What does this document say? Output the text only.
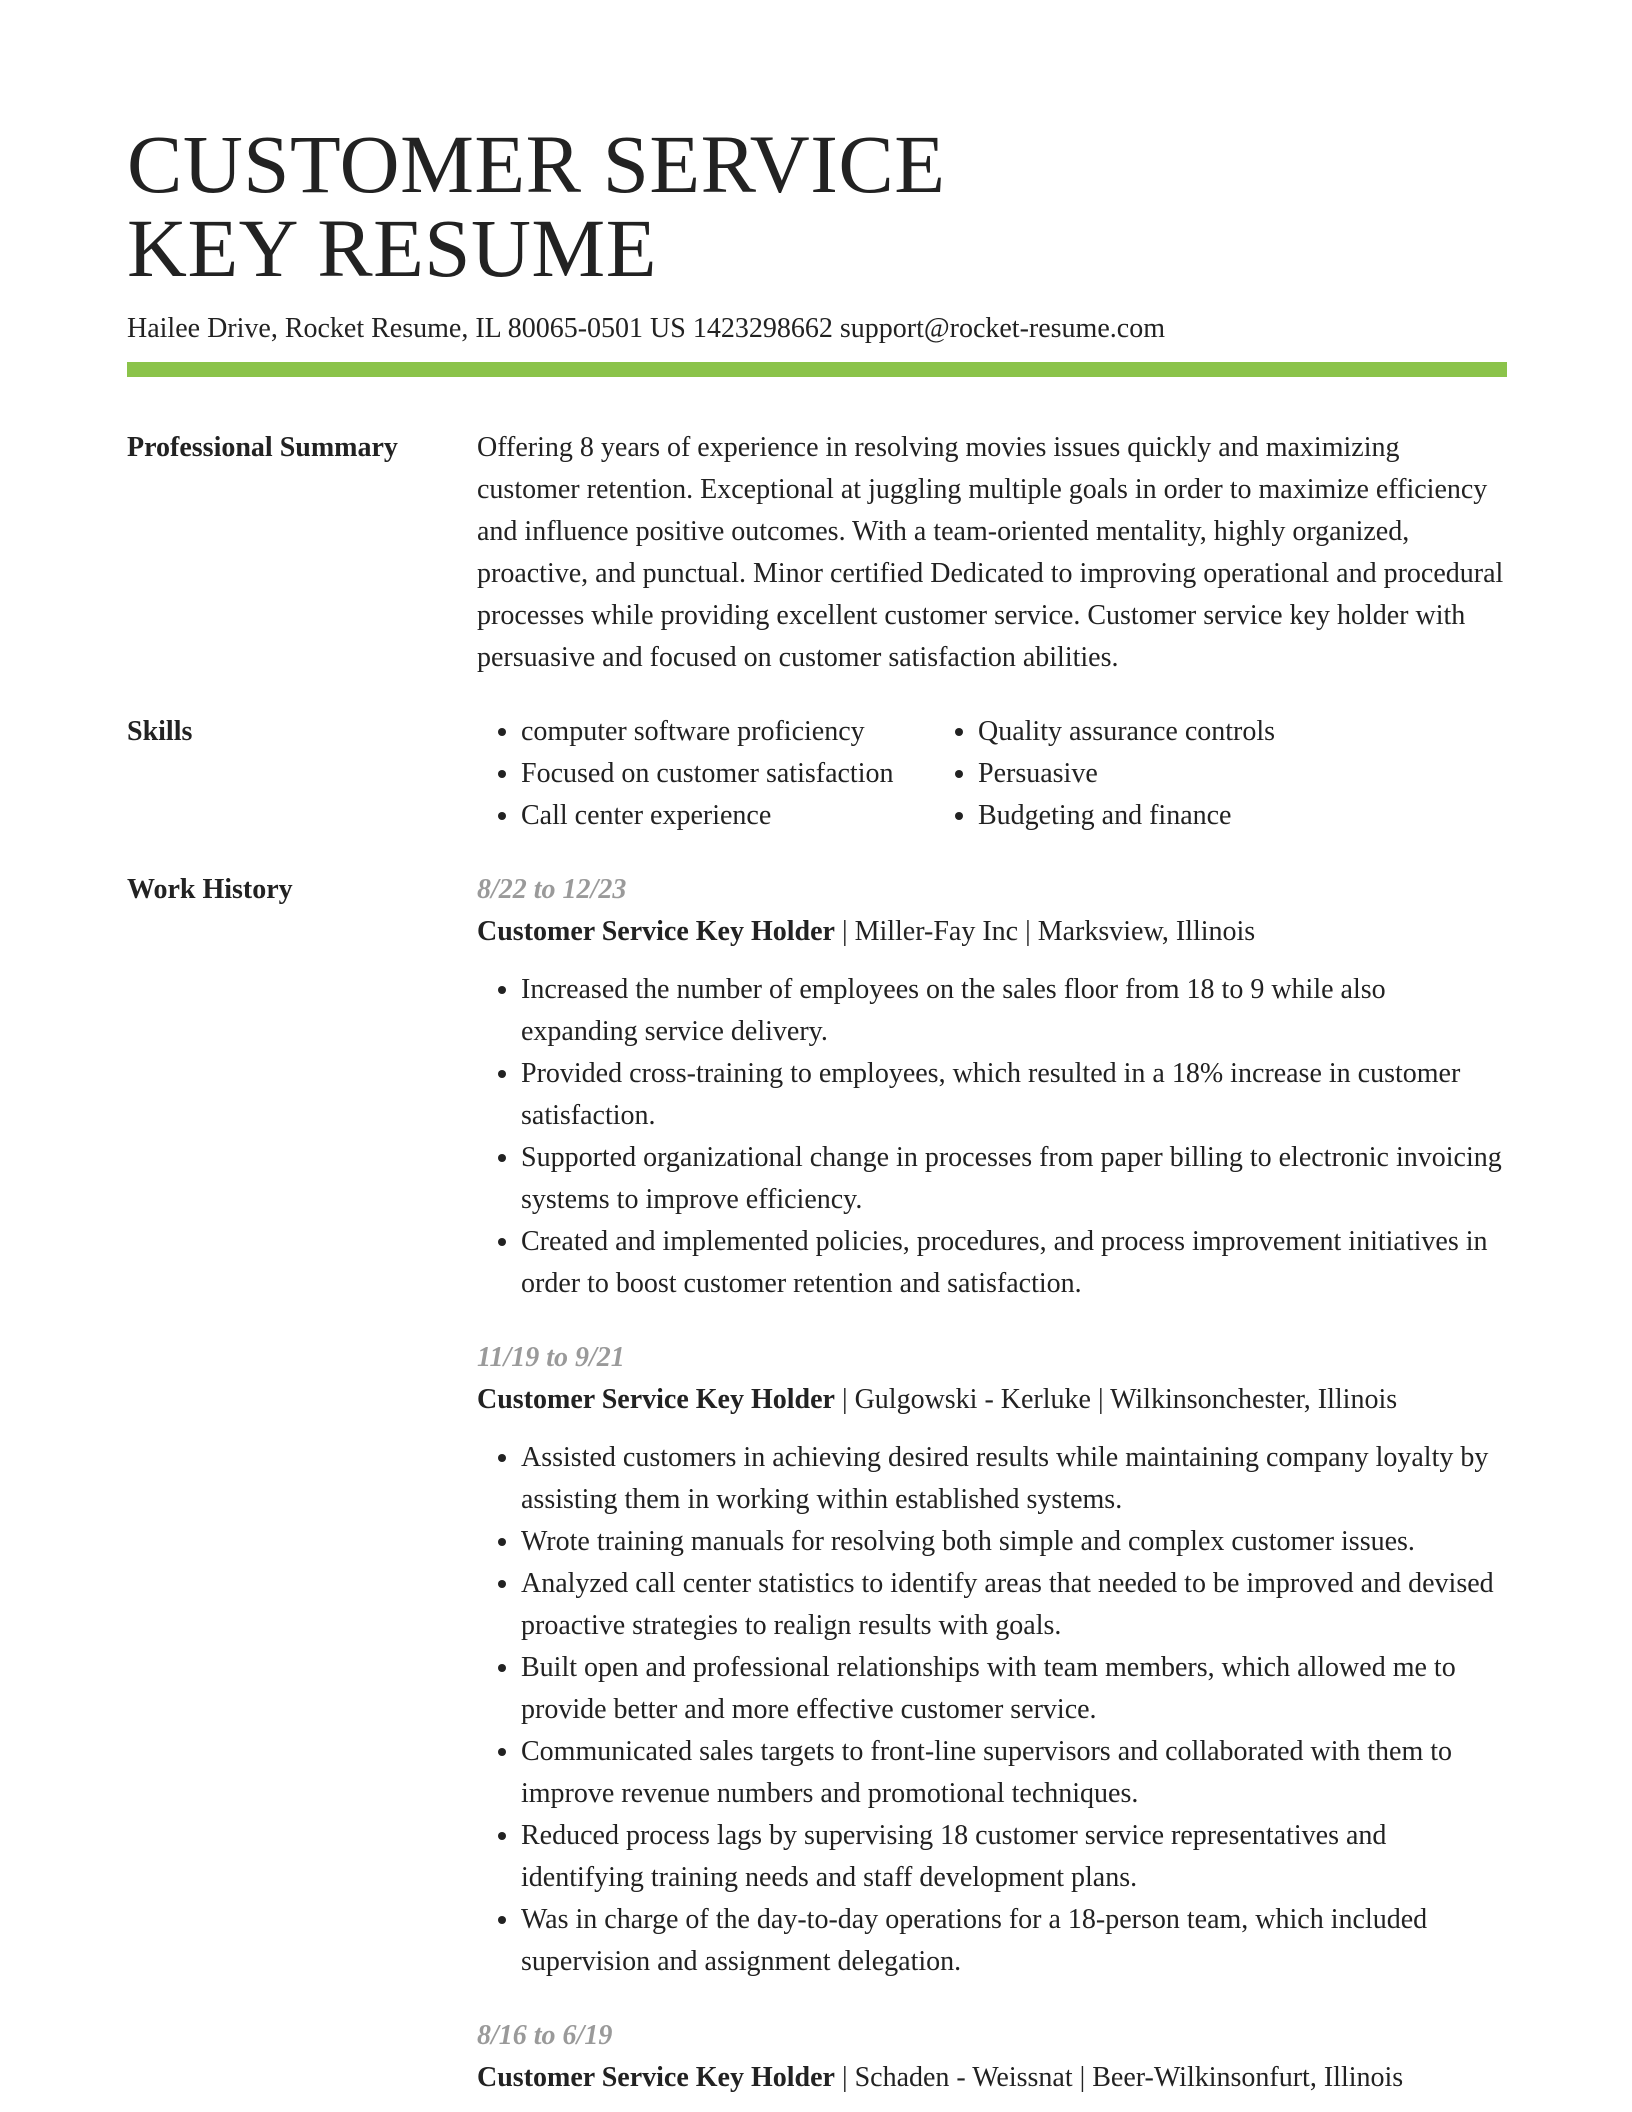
CUSTOMER SERVICE
KEY RESUME
Hailee Drive, Rocket Resume, IL 80065-0501 US 1423298662 support@rocket-resume.com
Professional Summary	Offering 8 years of experience in resolving movies issues quickly and maximizing customer retention. Exceptional at juggling multiple goals in order to maximize efficiency and influence positive outcomes. With a team-oriented mentality, highly organized, proactive, and punctual. Minor certified Dedicated to improving operational and procedural processes while providing excellent customer service. Customer service key holder with persuasive and focused on customer satisfaction abilities.

Skills
•	computer software proficiency
• Focused on customer satisfaction
• Call center experience
• Quality assurance controls
• Persuasive
• Budgeting and finance
Work History	8/22 to 12/23
Customer Service Key Holder | Miller-Fay Inc | Marksview, Illinois
• Increased the number of employees on the sales floor from 18 to 9 while also expanding service delivery.
• Provided cross-training to employees, which resulted in a 18% increase in customer satisfaction.
• Supported organizational change in processes from paper billing to electronic invoicing systems to improve efficiency.
• Created and implemented policies, procedures, and process improvement initiatives in order to boost customer retention and satisfaction.
11/19 to 9/21
Customer Service Key Holder | Gulgowski - Kerluke | Wilkinsonchester, Illinois
• Assisted customers in achieving desired results while maintaining company loyalty by assisting them in working within established systems.
• Wrote training manuals for resolving both simple and complex customer issues.
• Analyzed call center statistics to identify areas that needed to be improved and devised proactive strategies to realign results with goals.
• Built open and professional relationships with team members, which allowed me to provide better and more effective customer service.
• Communicated sales targets to front-line supervisors and collaborated with them to improve revenue numbers and promotional techniques.
• Reduced process lags by supervising 18 customer service representatives and identifying training needs and staff development plans.
• Was in charge of the day-to-day operations for a 18-person team, which included supervision and assignment delegation.
8/16 to 6/19
Customer Service Key Holder | Schaden - Weissnat | Beer-Wilkinsonfurt, Illinois
